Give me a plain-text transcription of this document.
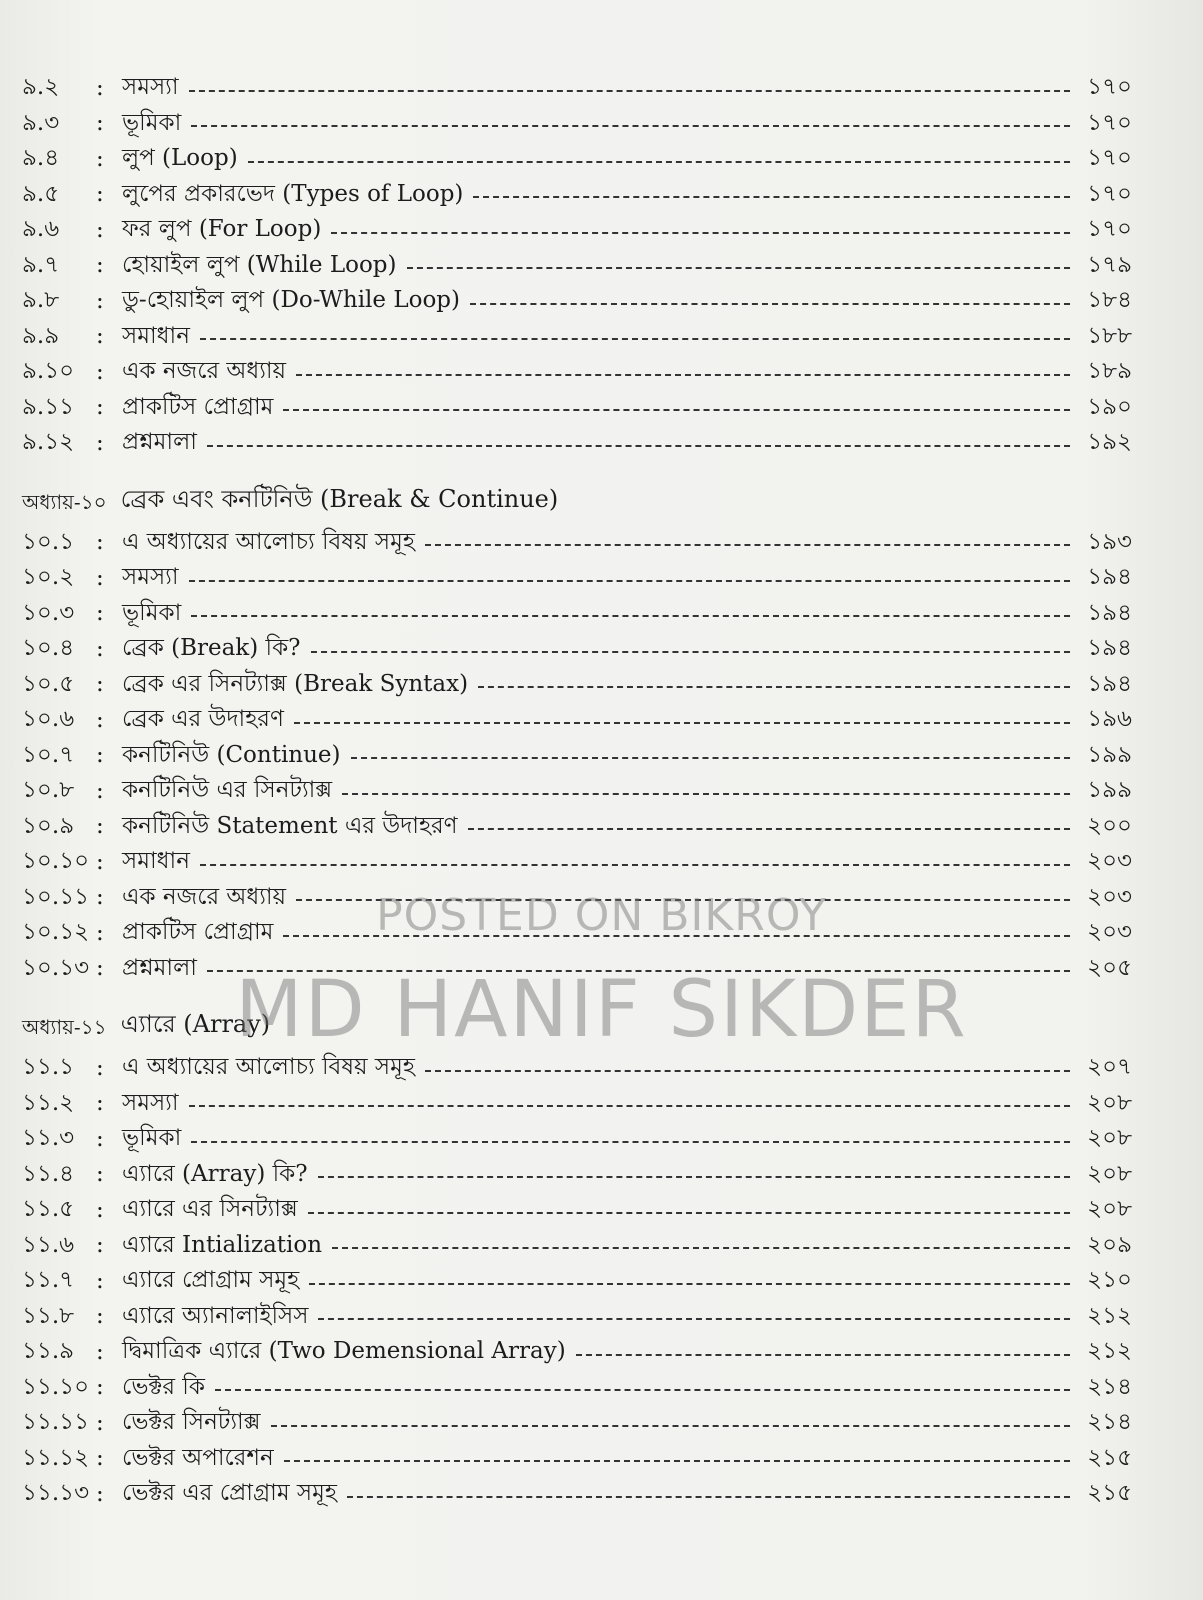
৯.২	: সমস্যা	১৭০
৯.৩	: ভূমিকা	১৭০
৯.৪	: লুপ (Loop)	১৭০
৯.৫	: লুপের প্রকারভেদ (Types of Loop)	১৭০
৯.৬	: ফর লুপ (For Loop)	১৭০
৯.৭	: হোয়াইল লুপ (While Loop)	১৭৯
৯.৮	: ডু-হোয়াইল লুপ (Do-While Loop)	১৮৪
৯.৯	: সমাধান	১৮৮
৯.১০ : এক নজরে অধ্যায়	১৮৯
৯.১১ : প্রাকটিস প্রোগ্রাম	১৯০
৯.১২ : প্রশ্নমালা	১৯২
অধ্যায়-১০ ব্রেক এবং কনটিনিউ (Break & Continue)
১০.১ : এ অধ্যায়ের আলোচ্য বিষয় সমূহ	১৯৩
১০.২ : সমস্যা	১৯৪
১০.৩ : ভূমিকা	১৯৪
১০.৪ : ব্রেক (Break) কি?	১৯৪
১০.৫ : ব্রেক এর সিনট্যাক্স (Break Syntax)	১৯৪
১০.৬ : ব্রেক এর উদাহরণ	১৯৬
১০.৭ : কনটিনিউ (Continue)	১৯৯
১০.৮ : কনটিনিউ এর সিনট্যাক্স	১৯৯
১০.৯ : কনটিনিউ Statement এর উদাহরণ	২০০
১০.১০ : সমাধান	২০৩
১০.১১ : এক নজরে অধ্যায়	২০৩
১০.১২ : প্রাকটিস প্রোগ্রাম	২০৩
১০.১৩ : প্রশ্নমালা	২০৫
অধ্যায়-১১ এ্যারে (Array)
১১.১ : এ অধ্যায়ের আলোচ্য বিষয় সমূহ	২০৭
১১.২ : সমস্যা	২০৮
১১.৩ : ভূমিকা	২০৮
১১.৪ : এ্যারে (Array) কি?	২০৮
১১.৫ : এ্যারে এর সিনট্যাক্স	২০৮
১১.৬ : এ্যারে Intialization	২০৯
১১.৭ : এ্যারে প্রোগ্রাম সমূহ	২১০
১১.৮ : এ্যারে অ্যানালাইসিস	২১২
১১.৯ : দ্বিমাত্রিক এ্যারে (Two Demensional Array)	২১২
১১.১০ : ভেক্টর কি	২১৪
১১.১১ : ভেক্টর সিনট্যাক্স	২১৪
১১.১২ : ভেক্টর অপারেশন	২১৫
১১.১৩ : ভেক্টর এর প্রোগ্রাম সমূহ	২১৫
POSTED ON BIKROY
MD HANIF SIKDER
